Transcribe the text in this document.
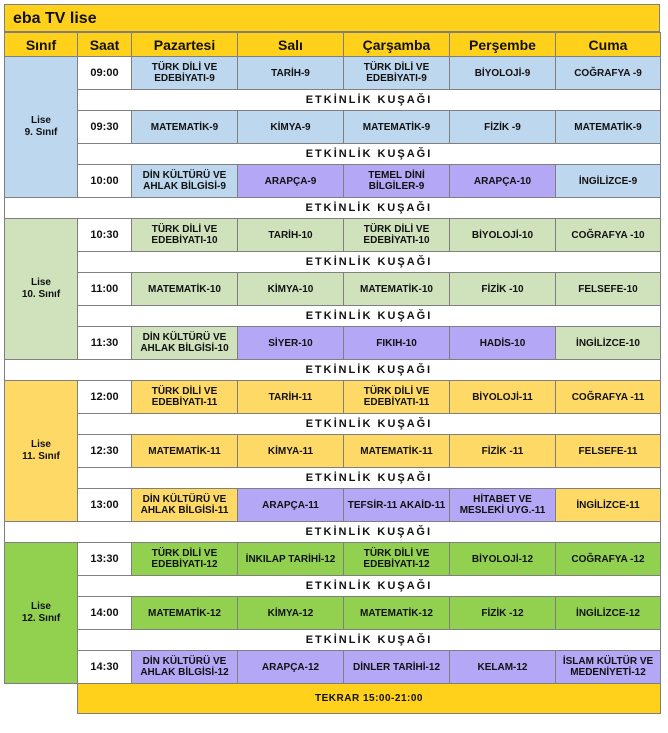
eba TV lise
Sınıf	Saat	Pazartesi	Salı	Çarşamba	Perşembe	Cuma

Lise
9. Sınıf	09:00	TÜRK DİLİ VE EDEBİYATI-9	TARİH-9	TÜRK DİLİ VE EDEBİYATI-9	BİYOLOJİ-9	COĞRAFYA -9

	ETKİNLİK KUŞAĞI					
	09:30	MATEMATİK-9	KİMYA-9	MATEMATİK-9	FİZİK -9	MATEMATİK-9

	ETKİNLİK KUŞAĞI					
	10:00	DİN KÜLTÜRÜ VE AHLAK BİLGİSİ-9	ARAPÇA-9	TEMEL DİNİ BİLGİLER-9	ARAPÇA-10	İNGİLİZCE-9

	ETKİNLİK KUŞAĞI					

Lise
10. Sınıf	10:30	TÜRK DİLİ VE EDEBİYATI-10	TARİH-10	TÜRK DİLİ VE EDEBİYATI-10	BİYOLOJİ-10	COĞRAFYA -10

	ETKİNLİK KUŞAĞI					
	11:00	MATEMATİK-10	KİMYA-10	MATEMATİK-10	FİZİK -10	FELSEFE-10

	ETKİNLİK KUŞAĞI					
	11:30	DİN KÜLTÜRÜ VE AHLAK BİLGİSİ-10	SİYER-10	FIKIH-10	HADİS-10	İNGİLİZCE-10

	ETKİNLİK KUŞAĞI					

Lise
11. Sınıf	12:00	TÜRK DİLİ VE EDEBİYATI-11	TARİH-11	TÜRK DİLİ VE EDEBİYATI-11	BİYOLOJİ-11	COĞRAFYA -11

	ETKİNLİK KUŞAĞI					
	12:30	MATEMATİK-11	KİMYA-11	MATEMATİK-11	FİZİK -11	FELSEFE-11

	ETKİNLİK KUŞAĞI					
	13:00	DİN KÜLTÜRÜ VE AHLAK BİLGİSİ-11	ARAPÇA-11	TEFSİR-11 AKAİD-11	HİTABET VE MESLEKİ UYG.-11	İNGİLİZCE-11

	ETKİNLİK KUŞAĞI					

Lise
12. Sınıf	13:30	TÜRK DİLİ VE EDEBİYATI-12	İNKILAP TARİHİ-12	TÜRK DİLİ VE EDEBİYATI-12	BİYOLOJİ-12	COĞRAFYA -12

	ETKİNLİK KUŞAĞI					
	14:00	MATEMATİK-12	KİMYA-12	MATEMATİK-12	FİZİK -12	İNGİLİZCE-12

	ETKİNLİK KUŞAĞI					
	14:30	DİN KÜLTÜRÜ VE AHLAK BİLGİSİ-12	ARAPÇA-12	DİNLER TARİHİ-12	KELAM-12	İSLAM KÜLTÜR VE MEDENİYETİ-12

	TEKRAR 15:00-21:00					
